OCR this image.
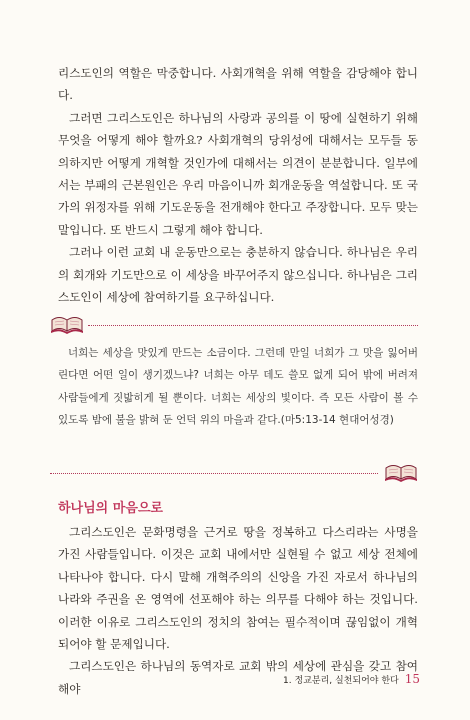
리스도인의 역할은 막중합니다. 사회개혁을 위해 역할을 감당해야 합니다.

그러면 그리스도인은 하나님의 사랑과 공의를 이 땅에 실현하기 위해 무엇을 어떻게 해야 할까요? 사회개혁의 당위성에 대해서는 모두들 동의하지만 어떻게 개혁할 것인가에 대해서는 의견이 분분합니다. 일부에서는 부패의 근본원인은 우리 마음이니까 회개운동을 역설합니다. 또 국가의 위정자를 위해 기도운동을 전개해야 한다고 주장합니다. 모두 맞는 말입니다. 또 반드시 그렇게 해야 합니다.

그러나 이런 교회 내 운동만으로는 충분하지 않습니다. 하나님은 우리의 회개와 기도만으로 이 세상을 바꾸어주지 않으십니다. 하나님은 그리스도인이 세상에 참여하기를 요구하십니다.

너희는 세상을 맛있게 만드는 소금이다. 그런데 만일 너희가 그 맛을 잃어버린다면 어떤 일이 생기겠느냐? 너희는 아무 데도 쓸모 없게 되어 밖에 버려져 사람들에게 짓밟히게 될 뿐이다. 너희는 세상의 빛이다. 즉 모든 사람이 볼 수 있도록 밤에 불을 밝혀 둔 언덕 위의 마을과 같다.(마5:13-14 현대어성경)

하나님의 마음으로

그리스도인은 문화명령을 근거로 땅을 정복하고 다스리라는 사명을 가진 사람들입니다. 이것은 교회 내에서만 실현될 수 없고 세상 전체에 나타나야 합니다. 다시 말해 개혁주의의 신앙을 가진 자로서 하나님의 나라와 주권을 온 영역에 선포해야 하는 의무를 다해야 하는 것입니다. 이러한 이유로 그리스도인의 정치의 참여는 필수적이며 끊임없이 개혁되어야 할 문제입니다.

그리스도인은 하나님의 동역자로 교회 밖의 세상에 관심을 갖고 참여해야

1. 정교분리, 실천되어야 한다 15
